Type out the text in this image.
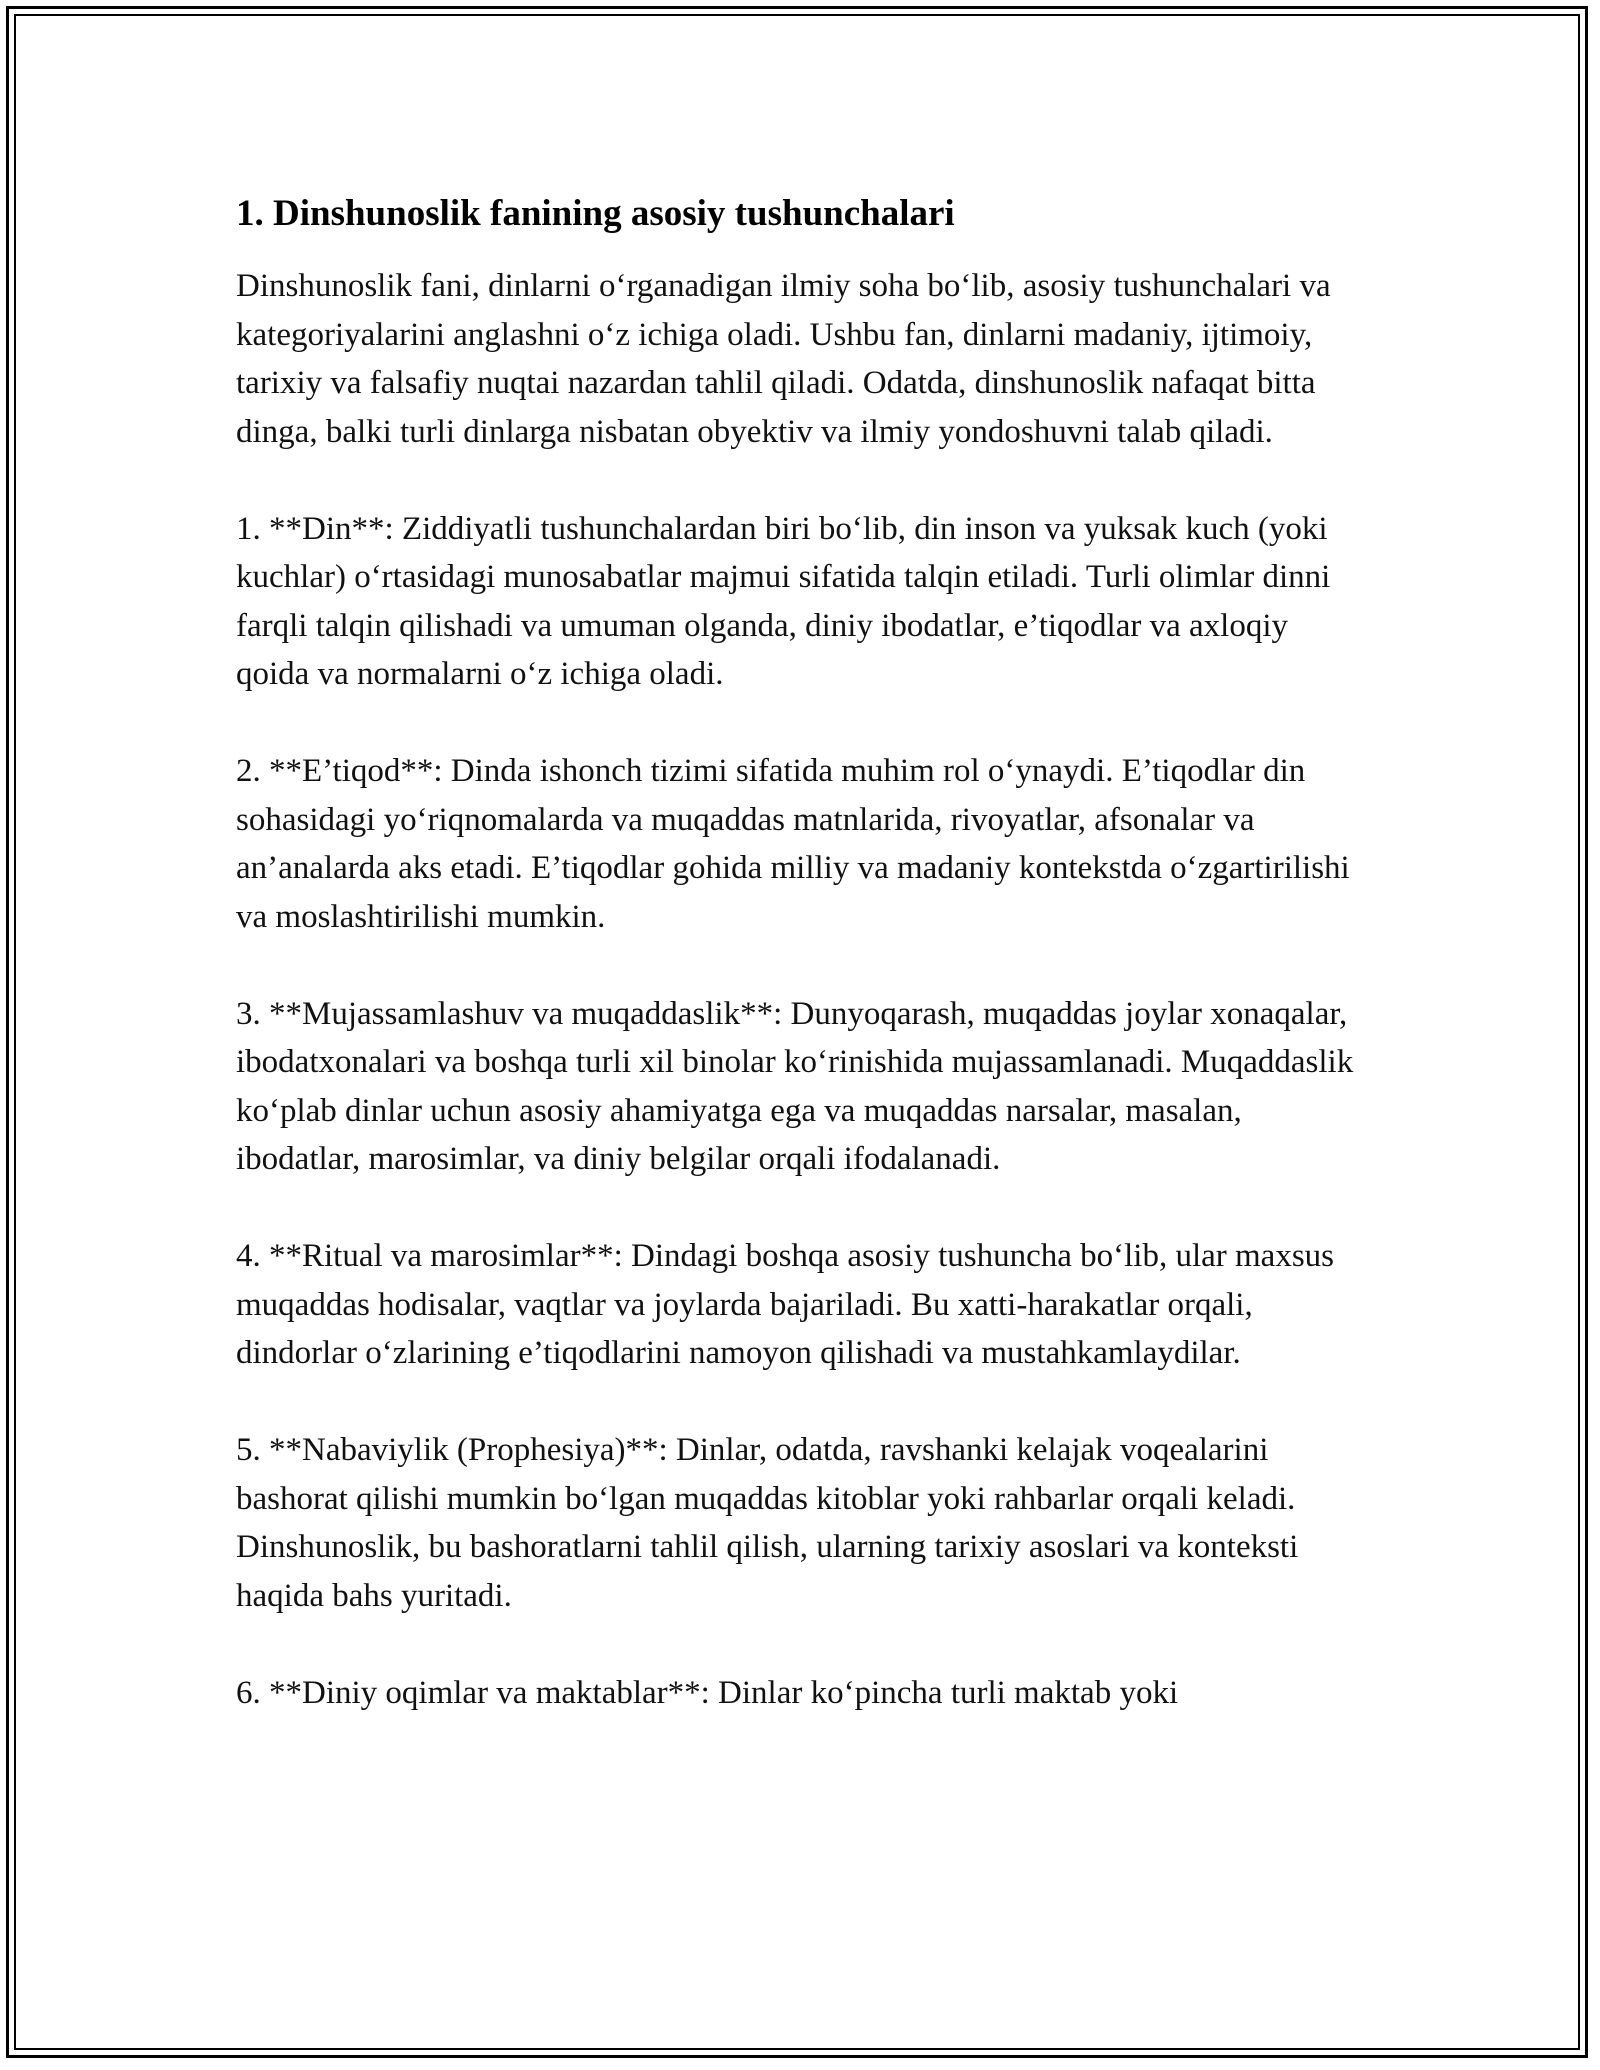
1. Dinshunoslik fanining asosiy tushunchalari

Dinshunoslik fani, dinlarni o‘rganadigan ilmiy soha bo‘lib, asosiy tushunchalari va kategoriyalarini anglashni o‘z ichiga oladi. Ushbu fan, dinlarni madaniy, ijtimoiy, tarixiy va falsafiy nuqtai nazardan tahlil qiladi. Odatda, dinshunoslik nafaqat bitta dinga, balki turli dinlarga nisbatan obyektiv va ilmiy yondoshuvni talab qiladi.

1. **Din**: Ziddiyatli tushunchalardan biri bo‘lib, din inson va yuksak kuch (yoki kuchlar) o‘rtasidagi munosabatlar majmui sifatida talqin etiladi. Turli olimlar dinni farqli talqin qilishadi va umuman olganda, diniy ibodatlar, e’tiqodlar va axloqiy qoida va normalarni o‘z ichiga oladi.

2. **E’tiqod**: Dinda ishonch tizimi sifatida muhim rol o‘ynaydi. E’tiqodlar din sohasidagi yo‘riqnomalarda va muqaddas matnlarida, rivoyatlar, afsonalar va an’analarda aks etadi. E’tiqodlar gohida milliy va madaniy kontekstda o‘zgartirilishi va moslashtirilishi mumkin.

3. **Mujassamlashuv va muqaddaslik**: Dunyoqarash, muqaddas joylar xonaqalar, ibodatxonalari va boshqa turli xil binolar ko‘rinishida mujassamlanadi. Muqaddaslik ko‘plab dinlar uchun asosiy ahamiyatga ega va muqaddas narsalar, masalan, ibodatlar, marosimlar, va diniy belgilar orqali ifodalanadi.

4. **Ritual va marosimlar**: Dindagi boshqa asosiy tushuncha bo‘lib, ular maxsus muqaddas hodisalar, vaqtlar va joylarda bajariladi. Bu xatti-harakatlar orqali, dindorlar o‘zlarining e’tiqodlarini namoyon qilishadi va mustahkamlaydilar.

5. **Nabaviylik (Prophesiya)**: Dinlar, odatda, ravshanki kelajak voqealarini bashorat qilishi mumkin bo‘lgan muqaddas kitoblar yoki rahbarlar orqali keladi. Dinshunoslik, bu bashoratlarni tahlil qilish, ularning tarixiy asoslari va konteksti haqida bahs yuritadi.

6. **Diniy oqimlar va maktablar**: Dinlar ko‘pincha turli maktab yoki
